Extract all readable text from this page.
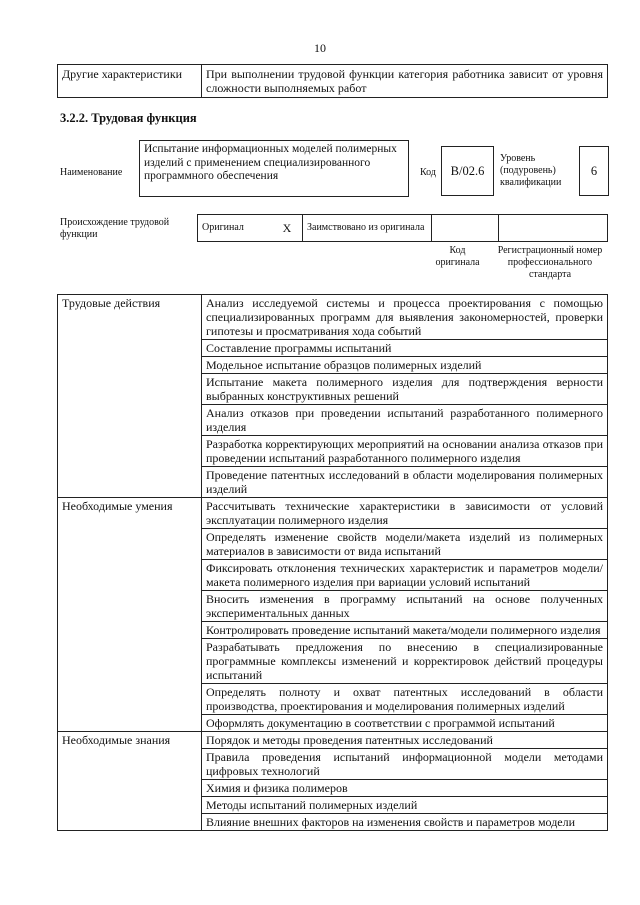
10
Другие характеристики	При выполнении трудовой функции категория работника зависит от уровня сложности выполняемых работ
3.2.2. Трудовая функция
Наименование
Испытание информационных моделей полимерных изделий с применением специализированного программного обеспечения	Код	B/02.6
Уровень (подуровень) квалификации
6
Происхождение трудовой функции
Оригинал	X	Заимствовано из оригинала		
Код оригинала
Регистрационный номер профессионального стандарта
Трудовые действия	Анализ исследуемой системы и процесса проектирования с помощью специализированных программ для выявления закономерностей, проверки гипотезы и просматривания хода событий
	Составление программы испытаний
	Модельное испытание образцов полимерных изделий
	Испытание макета полимерного изделия для подтверждения верности выбранных конструктивных решений
	Анализ отказов при проведении испытаний разработанного полимерного изделия
	Разработка корректирующих мероприятий на основании анализа отказов при проведении испытаний разработанного полимерного изделия
	Проведение патентных исследований в области моделирования полимерных изделий
Необходимые умения	Рассчитывать технические характеристики в зависимости от условий эксплуатации полимерного изделия
	Определять изменение свойств модели/макета изделий из полимерных материалов в зависимости от вида испытаний
	Фиксировать отклонения технических характеристик и параметров модели/макета полимерного изделия при вариации условий испытаний
	Вносить изменения в программу испытаний на основе полученных экспериментальных данных
	Контролировать проведение испытаний макета/модели полимерного изделия
	Разрабатывать предложения по внесению в специализированные программные комплексы изменений и корректировок действий процедуры испытаний
	Определять полноту и охват патентных исследований в области производства, проектирования и моделирования полимерных изделий
	Оформлять документацию в соответствии с программой испытаний
Необходимые знания	Порядок и методы проведения патентных исследований
	Правила проведения испытаний информационной модели методами цифровых технологий
	Химия и физика полимеров
	Методы испытаний полимерных изделий
	Влияние внешних факторов на изменения свойств и параметров модели
